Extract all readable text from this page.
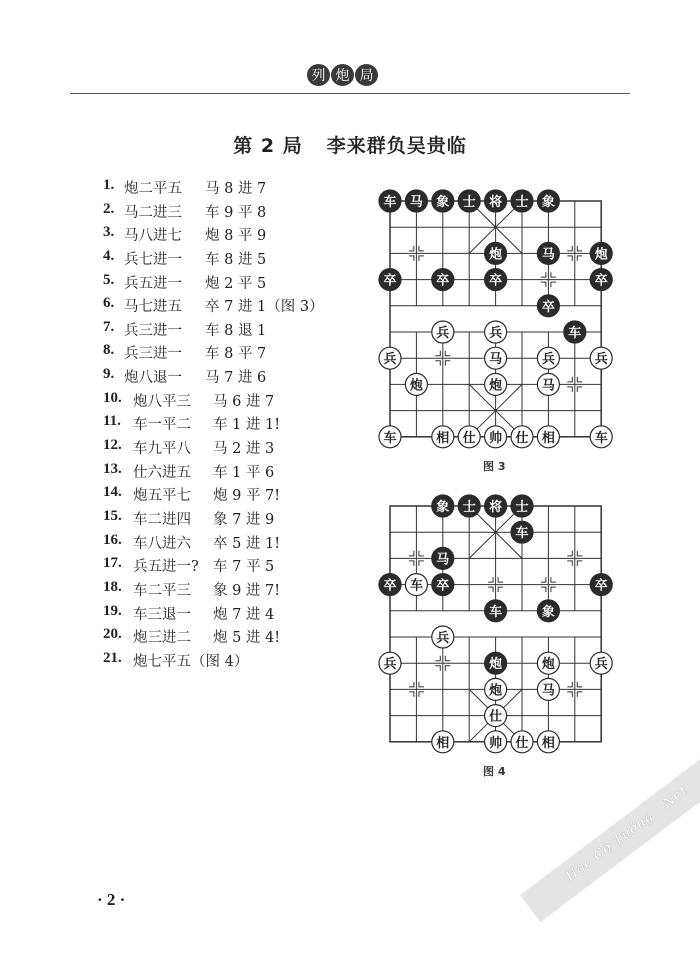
列 炮 局
第 2 局 李来群负吴贵临
1. 炮二平五 马 8 进 7
2. 马二进三 车 9 平 8
3. 马八进七 炮 8 平 9
4. 兵七进一 车 8 进 5
5. 兵五进一 炮 2 平 5
6. 马七进五 卒 7 进 1（图 3）
7. 兵三进一 车 8 退 1
8. 兵三进一 车 8 平 7
9. 炮八退一 马 7 进 6
10. 炮八平三 马 6 进 7
11. 车一平二 车 1 进 1!
12. 车九平八 马 2 进 3
13. 仕六进五 车 1 平 6
14. 炮五平七 炮 9 平 7!
15. 车二进四 象 7 进 9
16. 车八进六 卒 5 进 1!
17. 兵五进一? 车 7 平 5
18. 车二平三 象 9 进 7!
19. 车三退一 炮 7 进 4
20. 炮三进二 炮 5 进 4!
21. 炮七平五（图 4）
车 马 象 士 将 士 象
炮	马	炮
卒	卒	卒	卒
卒
兵	兵	车
兵	马	兵	兵
炮	炮	马
车	相 仕 帅 仕 相	车
图 3
象 士 将 士
车
马
卒 车 卒	卒
车	象
兵
兵	炮	炮	兵
炮	马
仕
相	帅 仕 相
图 4
· 2 ·
Học Cờ Tướng . Net
